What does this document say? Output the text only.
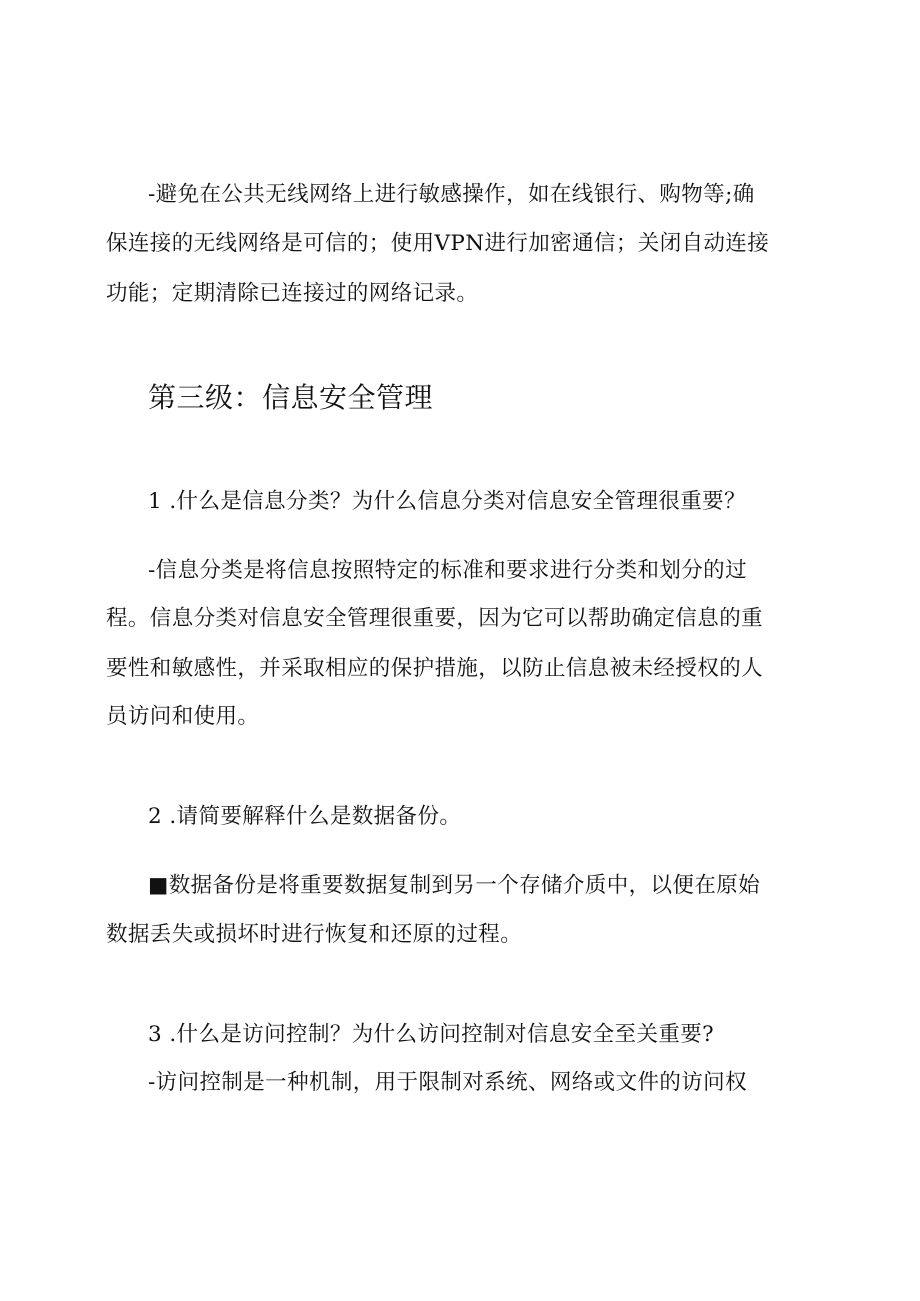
-避免在公共无线网络上进行敏感操作，如在线银行、购物等;确
保连接的无线网络是可信的；使用VPN进行加密通信；关闭自动连接
功能；定期清除已连接过的网络记录。
第三级：信息安全管理
1 .什么是信息分类？为什么信息分类对信息安全管理很重要？
-信息分类是将信息按照特定的标准和要求进行分类和划分的过
程。信息分类对信息安全管理很重要，因为它可以帮助确定信息的重
要性和敏感性，并采取相应的保护措施，以防止信息被未经授权的人
员访问和使用。
2 .请简要解释什么是数据备份。
■数据备份是将重要数据复制到另一个存储介质中，以便在原始
数据丢失或损坏时进行恢复和还原的过程。
3 .什么是访问控制？为什么访问控制对信息安全至关重要?
-访问控制是一种机制，用于限制对系统、网络或文件的访问权
